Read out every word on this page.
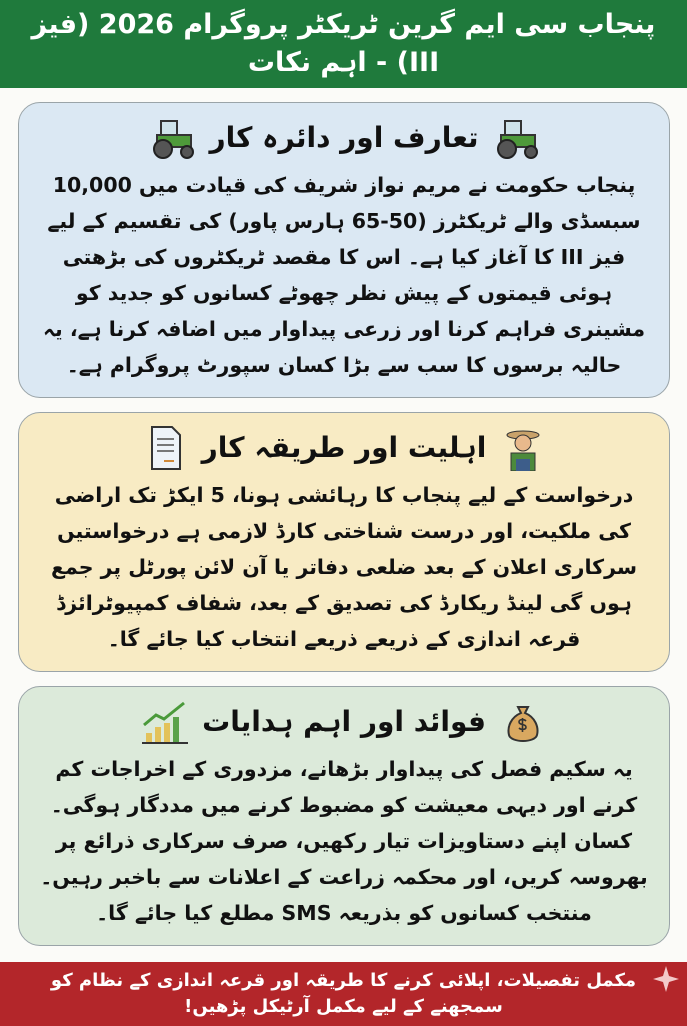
پنجاب سی ایم گرین ٹریکٹر پروگرام 2026 (فیز III) - اہم نکات
تعارف اور دائرہ کار

پنجاب حکومت نے مریم نواز شریف کی قیادت میں 10,000 سبسڈی والے ٹریکٹرز (50-65 ہارس پاور) کی تقسیم کے لیے فیز III کا آغاز کیا ہے۔ اس کا مقصد ٹریکٹروں کی بڑھتی ہوئی قیمتوں کے پیش نظر چھوٹے کسانوں کو جدید کو مشینری فراہم کرنا اور زرعی پیداوار میں اضافہ کرنا ہے، یہ حالیہ برسوں کا سب سے بڑا کسان سپورٹ پروگرام ہے۔

اہلیت اور طریقہ کار

درخواست کے لیے پنجاب کا رہائشی ہونا، 5 ایکڑ تک اراضی کی ملکیت، اور درست شناختی کارڈ لازمی ہے درخواستیں سرکاری اعلان کے بعد ضلعی دفاتر یا آن لائن پورٹل پر جمع ہوں گی لینڈ ریکارڈ کی تصدیق کے بعد، شفاف کمپیوٹرائزڈ قرعہ اندازی کے ذریعے ذریعے انتخاب کیا جائے گا۔

فوائد اور اہم ہدایات

یہ سکیم فصل کی پیداوار بڑھانے، مزدوری کے اخراجات کم کرنے اور دیہی معیشت کو مضبوط کرنے میں مددگار ہوگی۔ کسان اپنے دستاویزات تیار رکھیں، صرف سرکاری ذرائع پر بھروسہ کریں، اور محکمہ زراعت کے اعلانات سے باخبر رہیں۔ منتخب کسانوں کو بذریعہ SMS مطلع کیا جائے گا۔

مکمل تفصیلات، اپلائی کرنے کا طریقہ اور قرعہ اندازی کے نظام کو سمجھنے کے لیے مکمل آرٹیکل پڑھیں!
